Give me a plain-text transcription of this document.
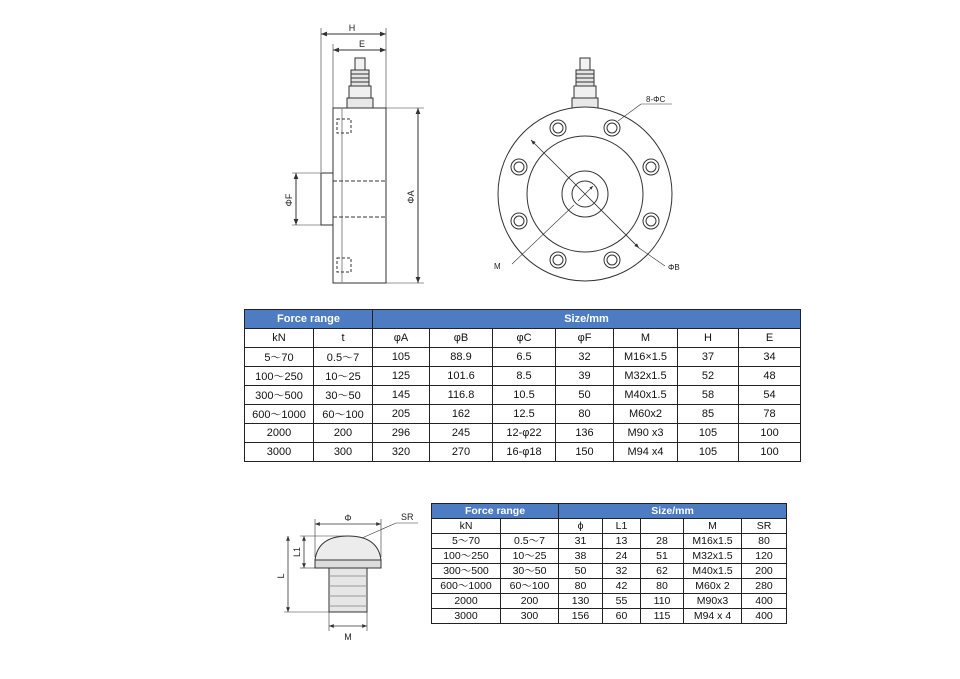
H
E
ΦF	ΦA
8-ΦC
M	ΦB
Φ	SR
L1
L
M
Force range		Size/mm						
kN	t	φA	φB	φC	φF	M	H	E
5～70	0.5～7	105	88.9	6.5	32	M16×1.5	37	34
100～250	10～25	125	101.6	8.5	39	M32x1.5	52	48
300～500	30～50	145	116.8	10.5	50	M40x1.5	58	54
600～1000	60～100	205	162	12.5	80	M60x2	85	78
2000	200	296	245	12-φ22	136	M90 x3	105	100
3000	300	320	270	16-φ18	150	M94 x4	105	100
Force range		Size/mm				
kN		ϕ	L1		M	SR
5～70	0.5～7	31	13	28	M16x1.5	80
100～250	10～25	38	24	51	M32x1.5	120
300～500	30～50	50	32	62	M40x1.5	200
600～1000	60～100	80	42	80	M60x 2	280
2000	200	130	55	110	M90x3	400
3000	300	156	60	115	M94 x 4	400
